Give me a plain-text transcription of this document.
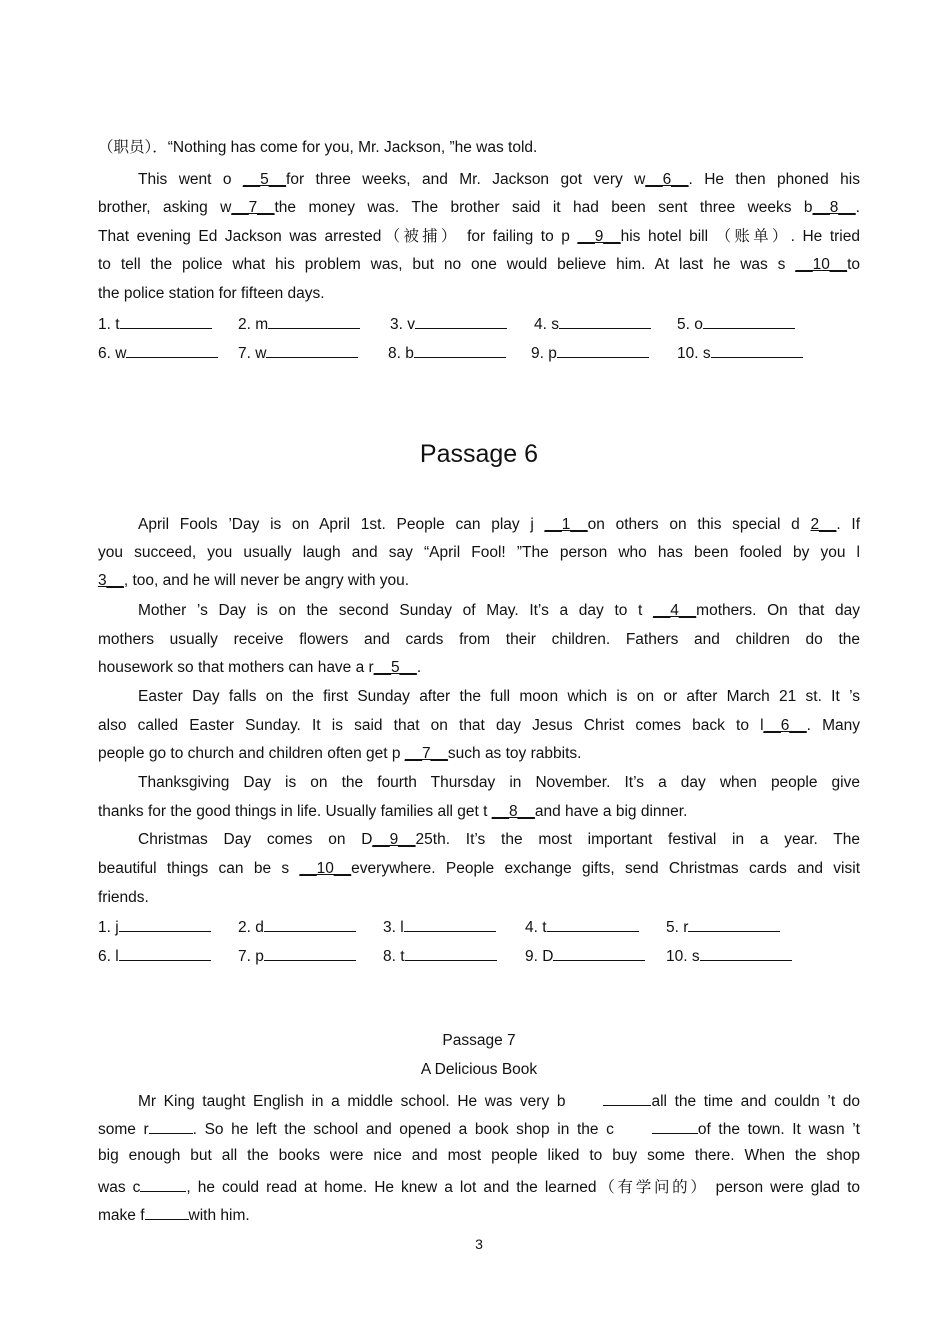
（职员）．“Nothing has come for you, Mr. Jackson, ”he was told.
This went o __5__for three weeks, and Mr. Jackson got very w__6__. He then phoned his
brother, asking w__7__the money was. The brother said it had been sent three weeks b__8__.
That evening Ed Jackson was arrested（被捕） for failing to p __9__his hotel bill （账单）. He tried
to tell the police what his problem was, but no one would believe him. At last he was s __10__to
the police station for fifteen days.
1. t	2. m	3. v	4. s	5. o
6. w	7. w	8. b	9. p	10. s
Passage 6
April Fools ’Day is on April 1st. People can play j __1__on others on this special d 2__. If
you succeed, you usually laugh and say “April Fool! ”The person who has been fooled by you l
3__, too, and he will never be angry with you.
Mother ’s Day is on the second Sunday of May. It’s a day to t __4__mothers. On that day
mothers usually receive flowers and cards from their children. Fathers and children do the
housework so that mothers can have a r__5__.
Easter Day falls on the first Sunday after the full moon which is on or after March 21 st. It ’s
also called Easter Sunday. It is said that on that day Jesus Christ comes back to l__6__. Many
people go to church and children often get p __7__such as toy rabbits.
Thanksgiving Day is on the fourth Thursday in November. It’s a day when people give
thanks for the good things in life. Usually families all get t __8__and have a big dinner.
Christmas Day comes on D__9__25th. It’s the most important festival in a year. The
beautiful things can be s __10__everywhere. People exchange gifts, send Christmas cards and visit
friends.
1. j	2. d	3. l	4. t	5. r
6. l	7. p	8. t	9. D	10. s
Passage 7
A Delicious Book
Mr King taught English in a middle school. He was very b	all the time and couldn ’t do
some r	. So he left the school and opened a book shop in the c	of the town. It wasn ’t
big enough but all the books were nice and most people liked to buy some there. When the shop
was c	, he could read at home. He knew a lot and the learned（有学问的） person were glad to
make f	with him.
3
